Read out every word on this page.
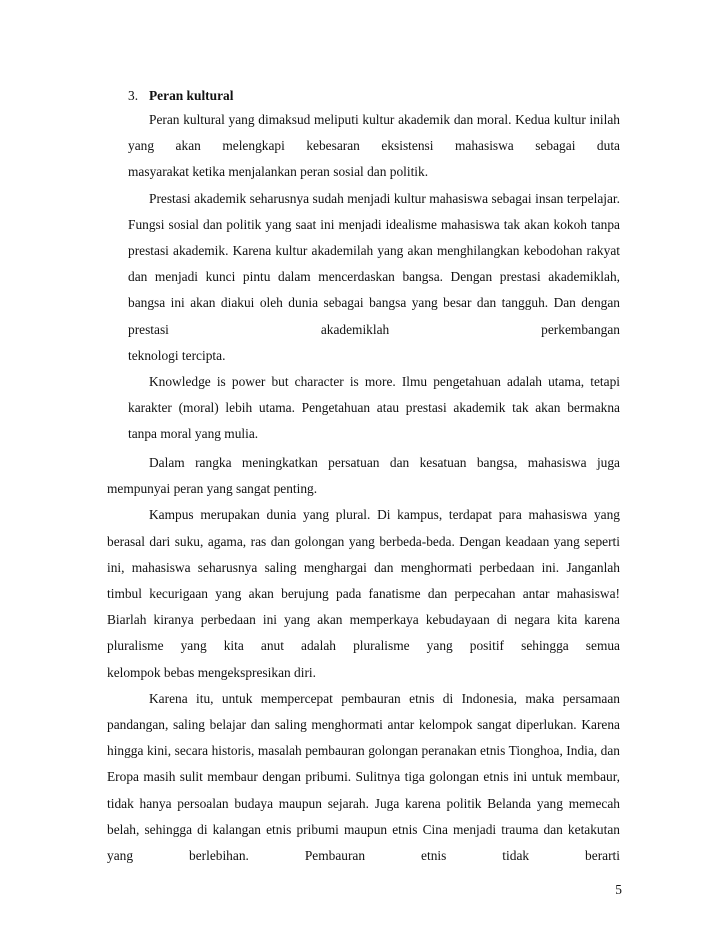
3. Peran kultural

Peran kultural yang dimaksud meliputi kultur akademik dan moral. Kedua kultur inilah yang akan melengkapi kebesaran eksistensi mahasiswa sebagai duta

masyarakat ketika menjalankan peran sosial dan politik.

Prestasi akademik seharusnya sudah menjadi kultur mahasiswa sebagai insan terpelajar. Fungsi sosial dan politik yang saat ini menjadi idealisme mahasiswa tak akan kokoh tanpa prestasi akademik. Karena kultur akademilah yang akan menghilangkan kebodohan rakyat dan menjadi kunci pintu dalam mencerdaskan bangsa. Dengan prestasi akademiklah, bangsa ini akan diakui oleh dunia sebagai bangsa yang besar dan tangguh. Dan dengan prestasi akademiklah perkembangan

teknologi tercipta.

Knowledge is power but character is more. Ilmu pengetahuan adalah utama, tetapi karakter (moral) lebih utama. Pengetahuan atau prestasi akademik tak akan bermakna

tanpa moral yang mulia.

Dalam rangka meningkatkan persatuan dan kesatuan bangsa, mahasiswa juga

mempunyai peran yang sangat penting.

Kampus merupakan dunia yang plural. Di kampus, terdapat para mahasiswa yang berasal dari suku, agama, ras dan golongan yang berbeda-beda. Dengan keadaan yang seperti ini, mahasiswa seharusnya saling menghargai dan menghormati perbedaan ini. Janganlah timbul kecurigaan yang akan berujung pada fanatisme dan perpecahan antar mahasiswa! Biarlah kiranya perbedaan ini yang akan memperkaya kebudayaan di negara kita karena pluralisme yang kita anut adalah pluralisme yang positif sehingga semua

kelompok bebas mengekspresikan diri.

Karena itu, untuk mempercepat pembauran etnis di Indonesia, maka persamaan pandangan, saling belajar dan saling menghormati antar kelompok sangat diperlukan. Karena hingga kini, secara historis, masalah pembauran golongan peranakan etnis Tionghoa, India, dan Eropa masih sulit membaur dengan pribumi. Sulitnya tiga golongan etnis ini untuk membaur, tidak hanya persoalan budaya maupun sejarah. Juga karena politik Belanda yang memecah belah, sehingga di kalangan etnis pribumi maupun etnis Cina menjadi trauma dan ketakutan yang berlebihan. Pembauran etnis tidak berarti

5
